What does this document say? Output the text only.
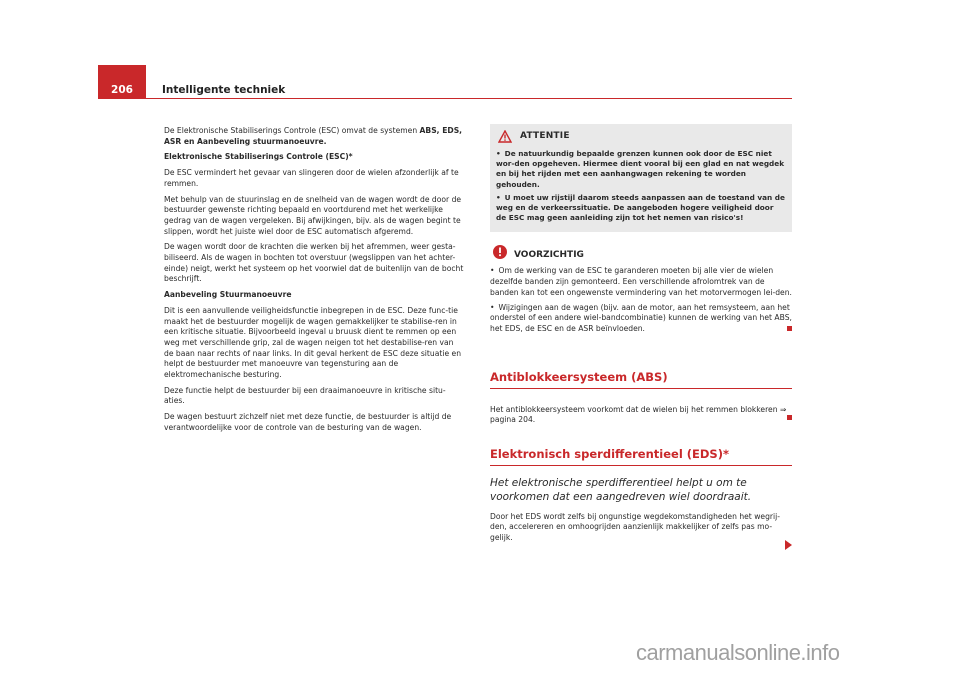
206	Intelligente techniek

De Elektronische Stabiliserings Controle (ESC) omvat de systemen ABS, EDS, ASR en Aanbeveling stuurmanoeuvre.

Elektronische Stabiliserings Controle (ESC)*

De ESC vermindert het gevaar van slingeren door de wielen afzonderlijk af te remmen.

Met behulp van de stuurinslag en de snelheid van de wagen wordt de door de bestuurder gewenste richting bepaald en voortdurend met het werkelijke gedrag van de wagen vergeleken. Bij afwijkingen, bijv. als de wagen begint te slippen, wordt het juiste wiel door de ESC automatisch afgeremd.

De wagen wordt door de krachten die werken bij het afremmen, weer gesta-biliseerd. Als de wagen in bochten tot overstuur (wegslippen van het achter-einde) neigt, werkt het systeem op het voorwiel dat de buitenlijn van de bocht beschrijft.

Aanbeveling Stuurmanoeuvre

Dit is een aanvullende veiligheidsfunctie inbegrepen in de ESC. Deze func-tie maakt het de bestuurder mogelijk de wagen gemakkelijker te stabilise-ren in een kritische situatie. Bijvoorbeeld ingeval u bruusk dient te remmen op een weg met verschillende grip, zal de wagen neigen tot het destabilise-ren van de baan naar rechts of naar links. In dit geval herkent de ESC deze situatie en helpt de bestuurder met manoeuvre van tegensturing aan de elektromechanische besturing.

Deze functie helpt de bestuurder bij een draaimanoeuvre in kritische situ-aties.

De wagen bestuurt zichzelf niet met deze functie, de bestuurder is altijd de verantwoordelijke voor de controle van de besturing van de wagen.

ATTENTIE

• De natuurkundig bepaalde grenzen kunnen ook door de ESC niet wor-den opgeheven. Hiermee dient vooral bij een glad en nat wegdek en bij het rijden met een aanhangwagen rekening te worden gehouden.

• U moet uw rijstijl daarom steeds aanpassen aan de toestand van de weg en de verkeerssituatie. De aangeboden hogere veiligheid door de ESC mag geen aanleiding zijn tot het nemen van risico's!

VOORZICHTIG

• Om de werking van de ESC te garanderen moeten bij alle vier de wielen dezelfde banden zijn gemonteerd. Een verschillende afrolomtrek van de banden kan tot een ongewenste vermindering van het motorvermogen lei-den.

• Wijzigingen aan de wagen (bijv. aan de motor, aan het remsysteem, aan het onderstel of een andere wiel-bandcombinatie) kunnen de werking van het ABS, het EDS, de ESC en de ASR beïnvloeden.

Antiblokkeersysteem (ABS)

Het antiblokkeersysteem voorkomt dat de wielen bij het remmen blokkeren ⇒ pagina 204.

Elektronisch sperdifferentieel (EDS)*
Het elektronische sperdifferentieel helpt u om te voorkomen dat een aangedreven wiel doordraait.

Door het EDS wordt zelfs bij ongunstige wegdekomstandigheden het wegrij-den, accelereren en omhoogrijden aanzienlijk makkelijker of zelfs pas mo-gelijk.

carmanualsonline.info
